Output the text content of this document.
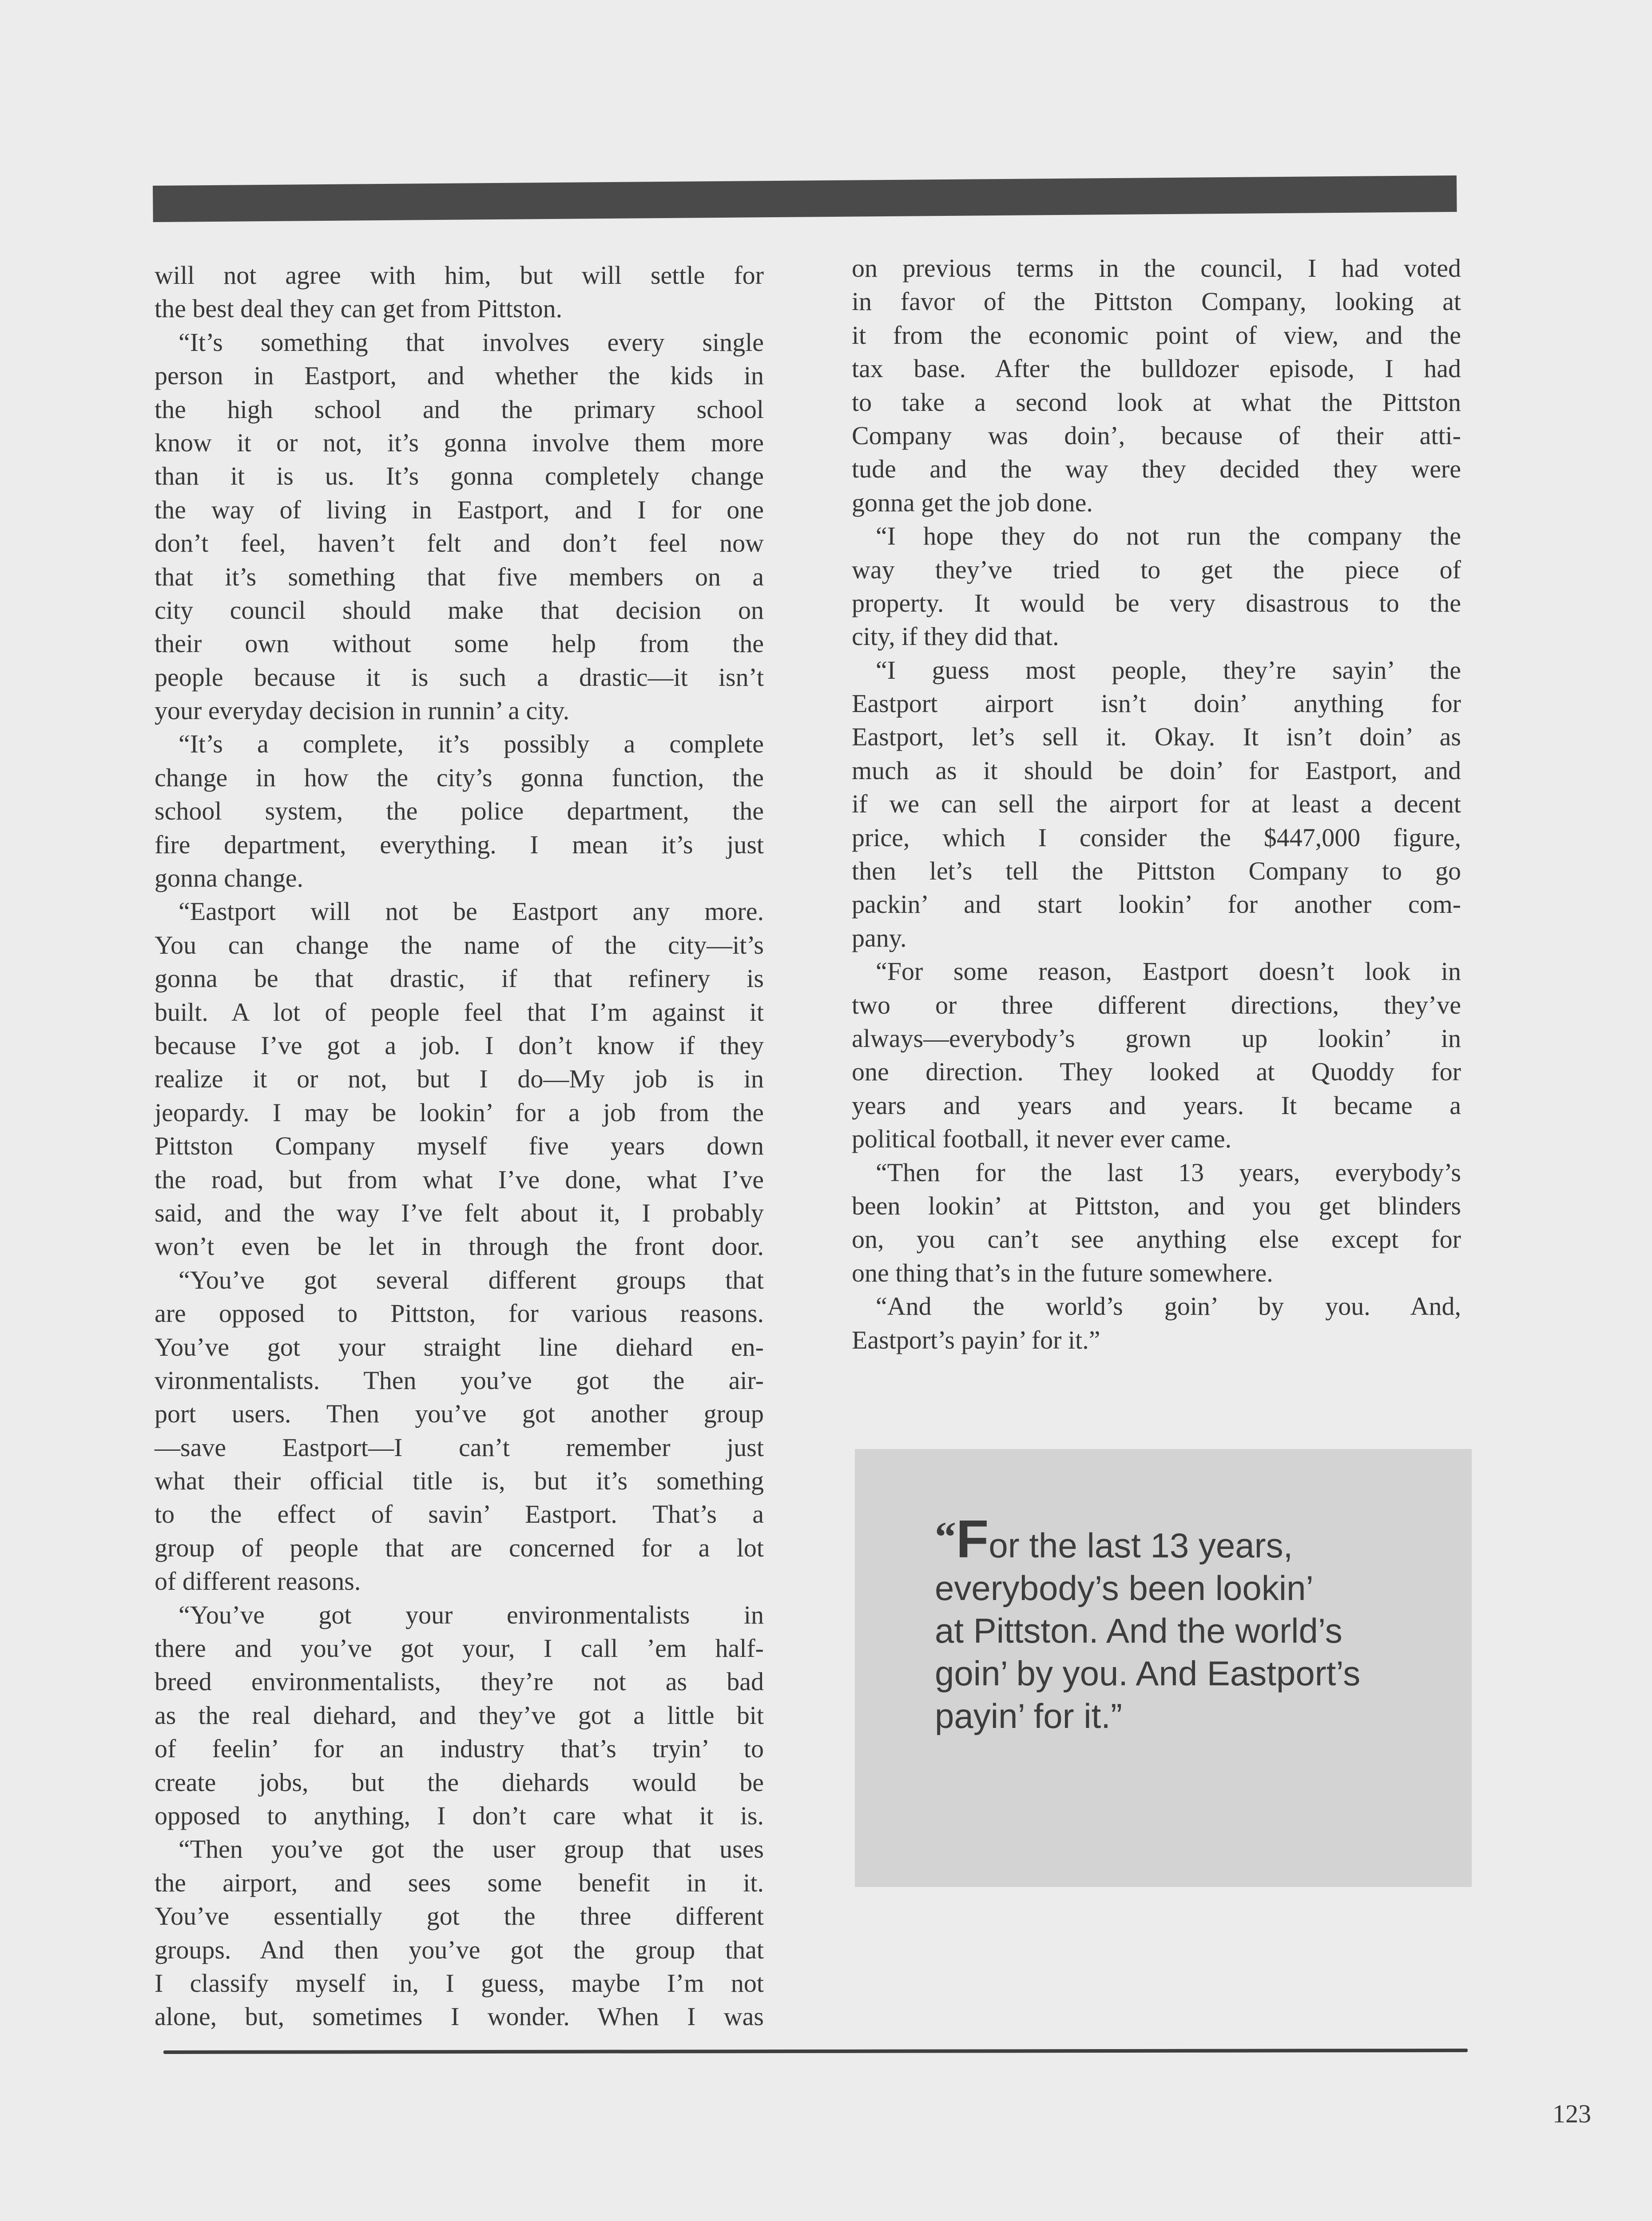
will not agree with him, but will settle for
the best deal they can get from Pittston.
“It’s something that involves every single
person in Eastport, and whether the kids in
the high school and the primary school
know it or not, it’s gonna involve them more
than it is us. It’s gonna completely change
the way of living in Eastport, and I for one
don’t feel, haven’t felt and don’t feel now
that it’s something that five members on a
city council should make that decision on
their own without some help from the
people because it is such a drastic—it isn’t
your everyday decision in runnin’ a city.
“It’s a complete, it’s possibly a complete
change in how the city’s gonna function, the
school system, the police department, the
fire department, everything. I mean it’s just
gonna change.
“Eastport will not be Eastport any more.
You can change the name of the city—it’s
gonna be that drastic, if that refinery is
built. A lot of people feel that I’m against it
because I’ve got a job. I don’t know if they
realize it or not, but I do—My job is in
jeopardy. I may be lookin’ for a job from the
Pittston Company myself five years down
the road, but from what I’ve done, what I’ve
said, and the way I’ve felt about it, I probably
won’t even be let in through the front door.
“You’ve got several different groups that
are opposed to Pittston, for various reasons.
You’ve got your straight line diehard en-
vironmentalists. Then you’ve got the air-
port users. Then you’ve got another group
—save Eastport—I can’t remember just
what their official title is, but it’s something
to the effect of savin’ Eastport. That’s a
group of people that are concerned for a lot
of different reasons.
“You’ve got your environmentalists in
there and you’ve got your, I call ’em half-
breed environmentalists, they’re not as bad
as the real diehard, and they’ve got a little bit
of feelin’ for an industry that’s tryin’ to
create jobs, but the diehards would be
opposed to anything, I don’t care what it is.
“Then you’ve got the user group that uses
the airport, and sees some benefit in it.
You’ve essentially got the three different
groups. And then you’ve got the group that
I classify myself in, I guess, maybe I’m not
alone, but, sometimes I wonder. When I was
on previous terms in the council, I had voted
in favor of the Pittston Company, looking at
it from the economic point of view, and the
tax base. After the bulldozer episode, I had
to take a second look at what the Pittston
Company was doin’, because of their atti-
tude and the way they decided they were
gonna get the job done.
“I hope they do not run the company the
way they’ve tried to get the piece of
property. It would be very disastrous to the
city, if they did that.
“I guess most people, they’re sayin’ the
Eastport airport isn’t doin’ anything for
Eastport, let’s sell it. Okay. It isn’t doin’ as
much as it should be doin’ for Eastport, and
if we can sell the airport for at least a decent
price, which I consider the $447,000 figure,
then let’s tell the Pittston Company to go
packin’ and start lookin’ for another com-
pany.
“For some reason, Eastport doesn’t look in
two or three different directions, they’ve
always—everybody’s grown up lookin’ in
one direction. They looked at Quoddy for
years and years and years. It became a
political football, it never ever came.
“Then for the last 13 years, everybody’s
been lookin’ at Pittston, and you get blinders
on, you can’t see anything else except for
one thing that’s in the future somewhere.
“And the world’s goin’ by you. And,
Eastport’s payin’ for it.”
“For the last 13 years,
everybody’s been lookin’
at Pittston. And the world’s
goin’ by you. And Eastport’s
payin’ for it.”
123
